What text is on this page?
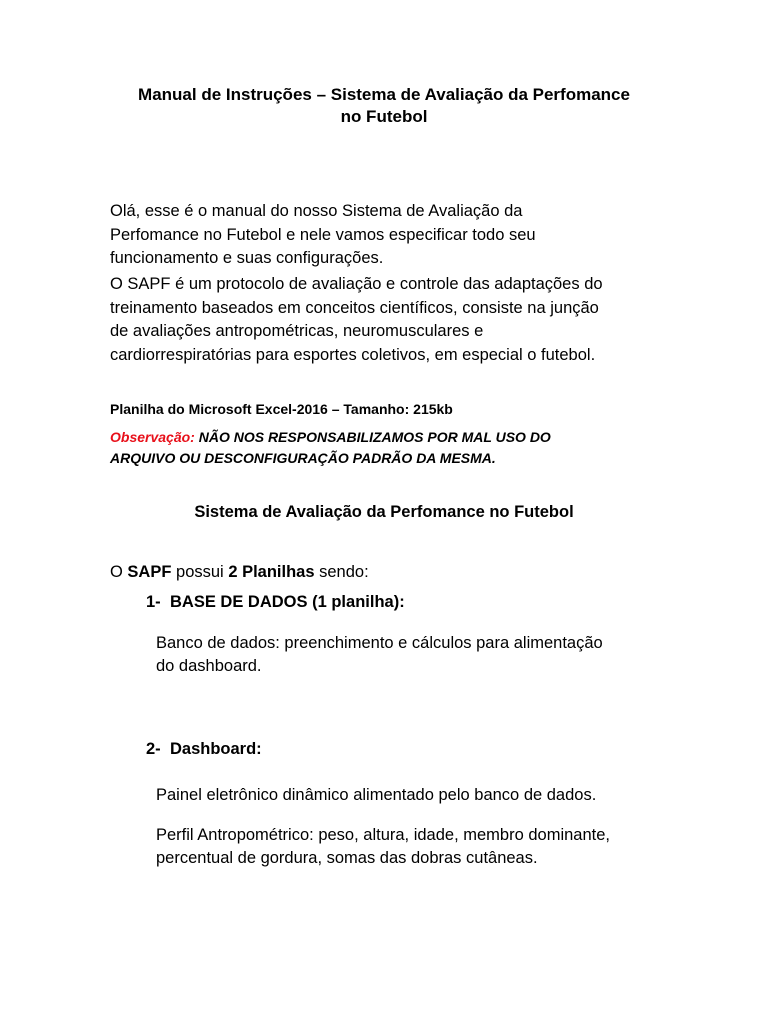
Manual de Instruções – Sistema de Avaliação da Perfomance
no Futebol
Olá, esse é o manual do nosso Sistema de Avaliação da
Perfomance no Futebol e nele vamos especificar todo seu
funcionamento e suas configurações.
O SAPF é um protocolo de avaliação e controle das adaptações do
treinamento baseados em conceitos científicos, consiste na junção
de avaliações antropométricas, neuromusculares e
cardiorrespiratórias para esportes coletivos, em especial o futebol.
Planilha do Microsoft Excel-2016 – Tamanho: 215kb
Observação: NÃO NOS RESPONSABILIZAMOS POR MAL USO DO
ARQUIVO OU DESCONFIGURAÇÃO PADRÃO DA MESMA.
Sistema de Avaliação da Perfomance no Futebol
O SAPF possui 2 Planilhas sendo:
1- BASE DE DADOS (1 planilha):
Banco de dados: preenchimento e cálculos para alimentação
do dashboard.
2- Dashboard:
Painel eletrônico dinâmico alimentado pelo banco de dados.
Perfil Antropométrico: peso, altura, idade, membro dominante,
percentual de gordura, somas das dobras cutâneas.
